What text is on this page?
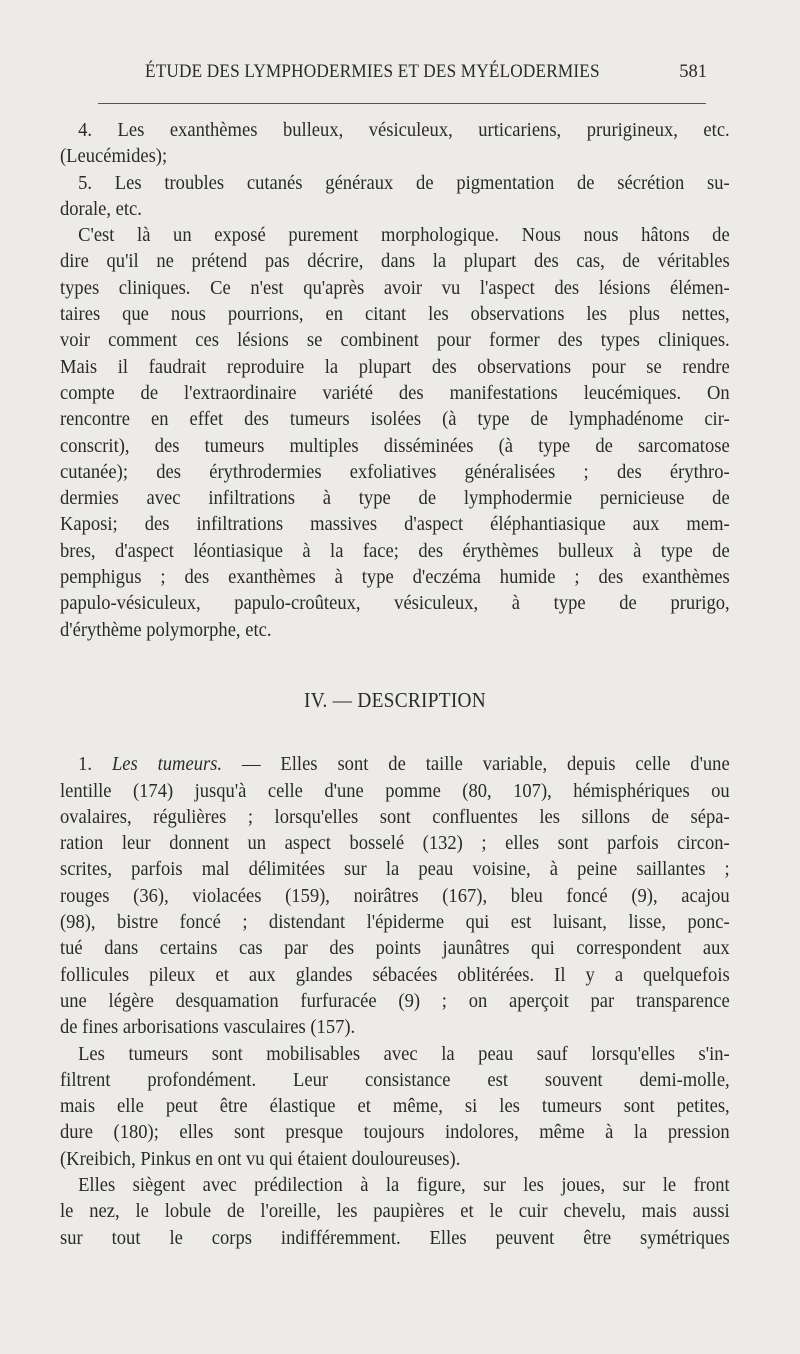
ÉTUDE DES LYMPHODERMIES ET DES MYÉLODERMIES	581
4. Les exanthèmes bulleux, vésiculeux, urticariens, prurigineux, etc.
(Leucémides);
5. Les troubles cutanés généraux de pigmentation de sécrétion su-
dorale, etc.
C'est là un exposé purement morphologique. Nous nous hâtons de
dire qu'il ne prétend pas décrire, dans la plupart des cas, de véritables
types cliniques. Ce n'est qu'après avoir vu l'aspect des lésions élémen-
taires que nous pourrions, en citant les observations les plus nettes,
voir comment ces lésions se combinent pour former des types cliniques.
Mais il faudrait reproduire la plupart des observations pour se rendre
compte de l'extraordinaire variété des manifestations leucémiques. On
rencontre en effet des tumeurs isolées (à type de lymphadénome cir-
conscrit), des tumeurs multiples disséminées (à type de sarcomatose
cutanée); des érythrodermies exfoliatives généralisées ; des érythro-
dermies avec infiltrations à type de lymphodermie pernicieuse de
Kaposi; des infiltrations massives d'aspect éléphantiasique aux mem-
bres, d'aspect léontiasique à la face; des érythèmes bulleux à type de
pemphigus ; des exanthèmes à type d'eczéma humide ; des exanthèmes
papulo-vésiculeux, papulo-croûteux, vésiculeux, à type de prurigo,
d'érythème polymorphe, etc.
IV. — DESCRIPTION
1. Les tumeurs. — Elles sont de taille variable, depuis celle d'une
lentille (174) jusqu'à celle d'une pomme (80, 107), hémisphériques ou
ovalaires, régulières ; lorsqu'elles sont confluentes les sillons de sépa-
ration leur donnent un aspect bosselé (132) ; elles sont parfois circon-
scrites, parfois mal délimitées sur la peau voisine, à peine saillantes ;
rouges (36), violacées (159), noirâtres (167), bleu foncé (9), acajou
(98), bistre foncé ; distendant l'épiderme qui est luisant, lisse, ponc-
tué dans certains cas par des points jaunâtres qui correspondent aux
follicules pileux et aux glandes sébacées oblitérées. Il y a quelquefois
une légère desquamation furfuracée (9) ; on aperçoit par transparence
de fines arborisations vasculaires (157).
Les tumeurs sont mobilisables avec la peau sauf lorsqu'elles s'in-
filtrent profondément. Leur consistance est souvent demi-molle,
mais elle peut être élastique et même, si les tumeurs sont petites,
dure (180); elles sont presque toujours indolores, même à la pression
(Kreibich, Pinkus en ont vu qui étaient douloureuses).
Elles siègent avec prédilection à la figure, sur les joues, sur le front
le nez, le lobule de l'oreille, les paupières et le cuir chevelu, mais aussi
sur tout le corps indifféremment. Elles peuvent être symétriques
